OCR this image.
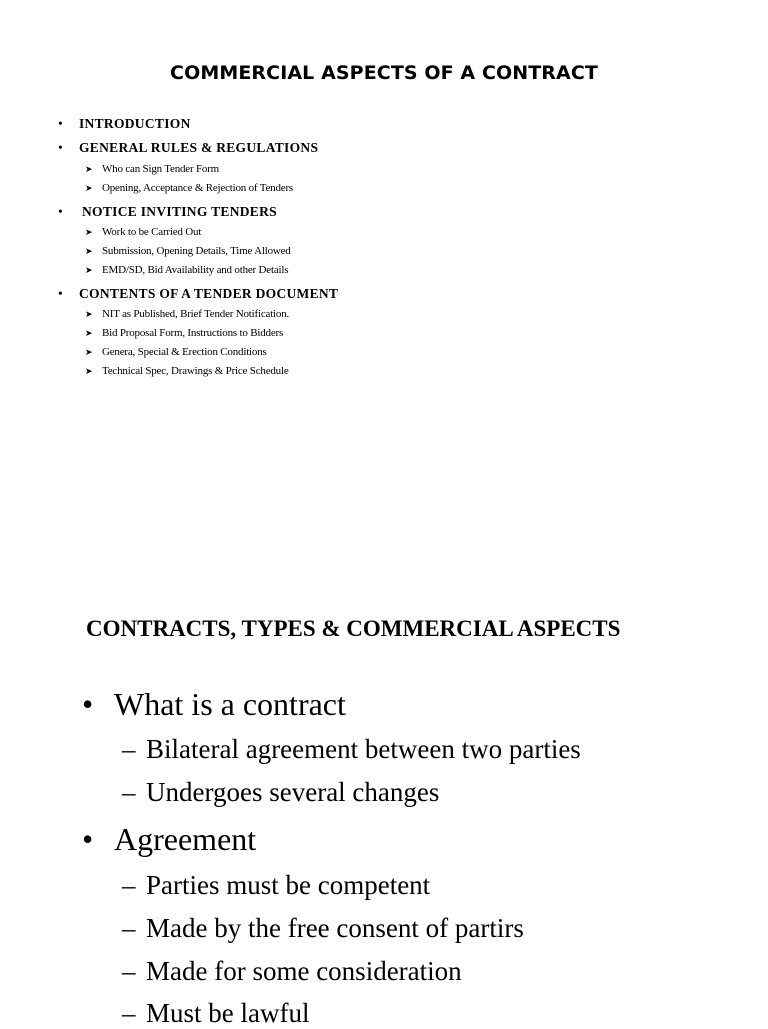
COMMERCIAL ASPECTS OF A CONTRACT
• INTRODUCTION
• GENERAL RULES & REGULATIONS
➤ Who can Sign Tender Form
➤ Opening, Acceptance & Rejection of Tenders
• NOTICE INVITING TENDERS
➤ Work to be Carried Out
➤ Submission, Opening Details, Time Allowed
➤ EMD/SD, Bid Availability and other Details
• CONTENTS OF A TENDER DOCUMENT
➤ NIT as Published, Brief Tender Notification.
➤ Bid Proposal Form, Instructions to Bidders
➤ Genera, Special & Erection Conditions
➤ Technical Spec, Drawings & Price Schedule
CONTRACTS, TYPES & COMMERCIAL ASPECTS
• What is a contract
– Bilateral agreement between two parties
– Undergoes several changes
• Agreement
– Parties must be competent
– Made by the free consent of partirs
– Made for some consideration
– Must be lawful
